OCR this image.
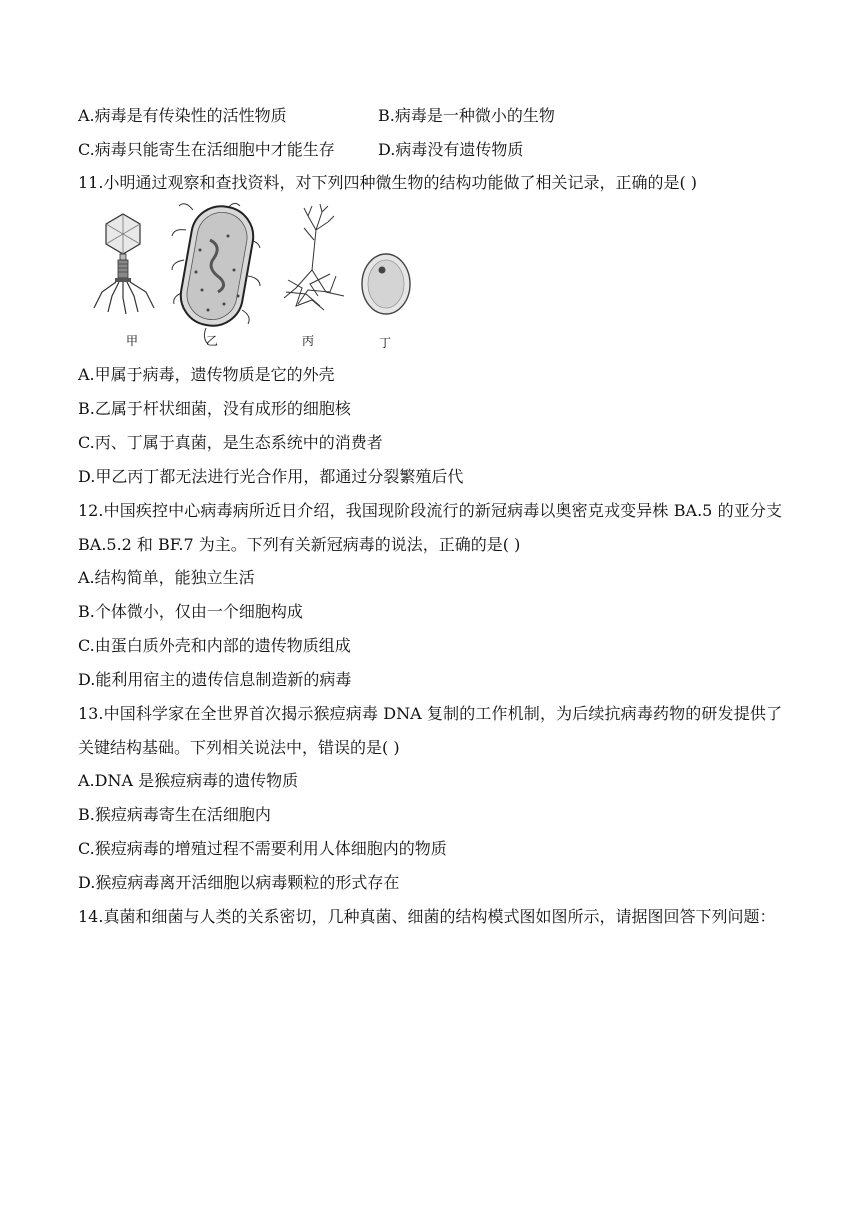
A.病毒是有传染性的活性物质	B.病毒是一种微小的生物
C.病毒只能寄生在活细胞中才能生存	D.病毒没有遗传物质
11.小明通过观察和查找资料，对下列四种微生物的结构功能做了相关记录，正确的是( )
甲	乙	丙	丁
A.甲属于病毒，遗传物质是它的外壳
B.乙属于杆状细菌，没有成形的细胞核
C.丙、丁属于真菌，是生态系统中的消费者
D.甲乙丙丁都无法进行光合作用，都通过分裂繁殖后代
12.中国疾控中心病毒病所近日介绍，我国现阶段流行的新冠病毒以奥密克戎变异株 BA.5 的亚分支 BA.5.2 和 BF.7 为主。下列有关新冠病毒的说法，正确的是( )
A.结构简单，能独立生活
B.个体微小，仅由一个细胞构成
C.由蛋白质外壳和内部的遗传物质组成
D.能利用宿主的遗传信息制造新的病毒
13.中国科学家在全世界首次揭示猴痘病毒 DNA 复制的工作机制，为后续抗病毒药物的研发提供了关键结构基础。下列相关说法中，错误的是( )
A.DNA 是猴痘病毒的遗传物质
B.猴痘病毒寄生在活细胞内
C.猴痘病毒的增殖过程不需要利用人体细胞内的物质
D.猴痘病毒离开活细胞以病毒颗粒的形式存在
14.真菌和细菌与人类的关系密切，几种真菌、细菌的结构模式图如图所示，请据图回答下列问题：
